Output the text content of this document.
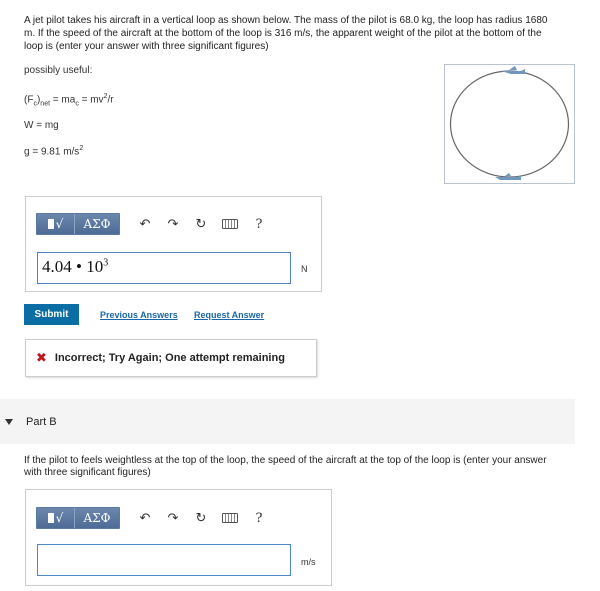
A jet pilot takes his aircraft in a vertical loop as shown below. The mass of the pilot is 68.0 kg, the loop has radius 1680 m. If the speed of the aircraft at the bottom of the loop is 316 m/s, the apparent weight of the pilot at the bottom of the loop is (enter your answer with three significant figures)
possibly useful:
$(F_c)_{net} = ma_c = mv^2/r$
W = mg
g = 9.81 $m/s^2$
√	ΑΣΦ	↶	↷	↻	?
4.04 • $10^3$
N
Submit	Previous Answers Request Answer
✖ Incorrect; Try Again; One attempt remaining
Part B
If the pilot to feels weightless at the top of the loop, the speed of the aircraft at the top of the loop is (enter your answer with three significant figures)
√	ΑΣΦ	↶	↷	↻	?
m/s
